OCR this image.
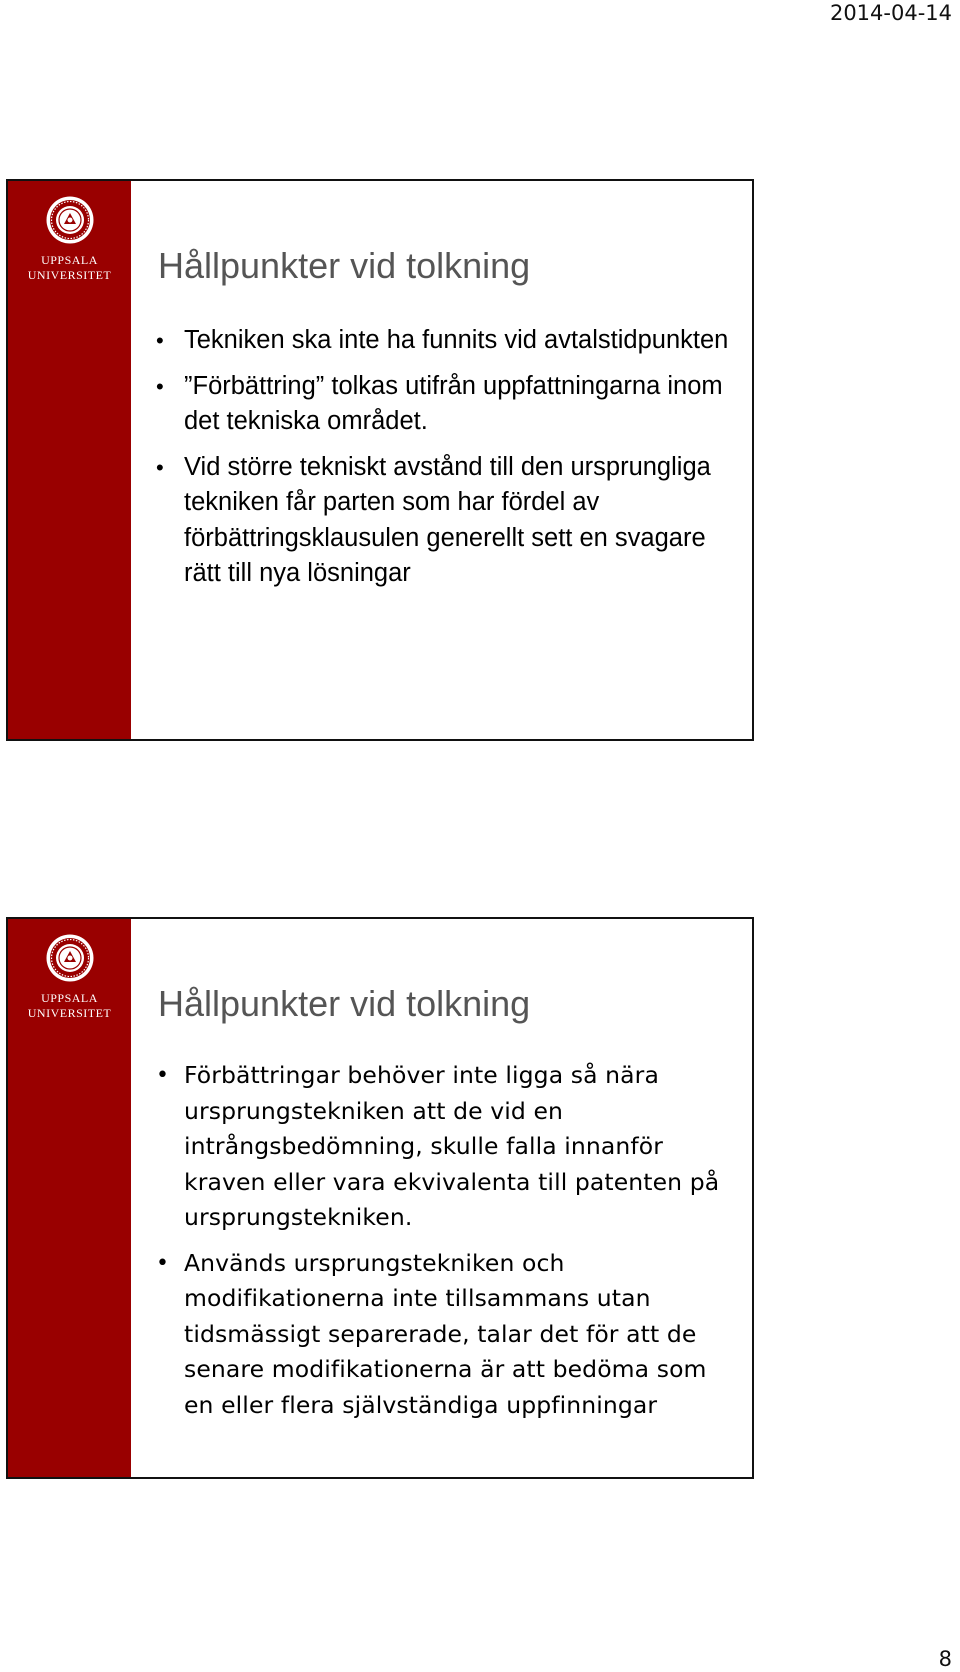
2014-04-14
UPPSALA
UNIVERSITET	Hållpunkter vid tolkning
• Tekniken ska inte ha funnits vid avtalstidpunkten
• ”Förbättring” tolkas utifrån uppfattningarna inom det tekniska området.
• Vid större tekniskt avstånd till den ursprungliga tekniken får parten som har fördel av förbättringsklausulen generellt sett en svagare rätt till nya lösningar
UPPSALA
UNIVERSITET	Hållpunkter vid tolkning
• Förbättringar behöver inte ligga så nära ursprungstekniken att de vid en intrångsbedömning, skulle falla innanför kraven eller vara ekvivalenta till patenten på ursprungstekniken.
• Används ursprungstekniken och modifikationerna inte tillsammans utan tidsmässigt separerade, talar det för att de senare modifikationerna är att bedöma som en eller flera självständiga uppfinningar
8
